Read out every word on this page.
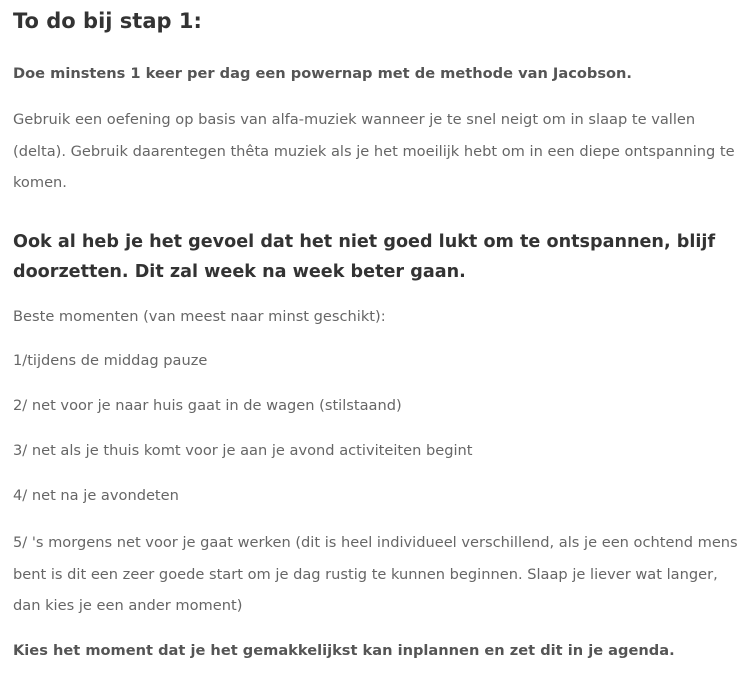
To do bij stap 1:

Doe minstens 1 keer per dag een powernap met de methode van Jacobson.

Gebruik een oefening op basis van alfa-muziek wanneer je te snel neigt om in slaap te vallen (delta). Gebruik daarentegen thêta muziek als je het moeilijk hebt om in een diepe ontspanning te komen.

Ook al heb je het gevoel dat het niet goed lukt om te ontspannen, blijf doorzetten. Dit zal week na week beter gaan.

Beste momenten (van meest naar minst geschikt):

1/tijdens de middag pauze

2/ net voor je naar huis gaat in de wagen (stilstaand)

3/ net als je thuis komt voor je aan je avond activiteiten begint

4/ net na je avondeten

5/ 's morgens net voor je gaat werken (dit is heel individueel verschillend, als je een ochtend mens bent is dit een zeer goede start om je dag rustig te kunnen beginnen. Slaap je liever wat langer, dan kies je een ander moment)

Kies het moment dat je het gemakkelijkst kan inplannen en zet dit in je agenda.
